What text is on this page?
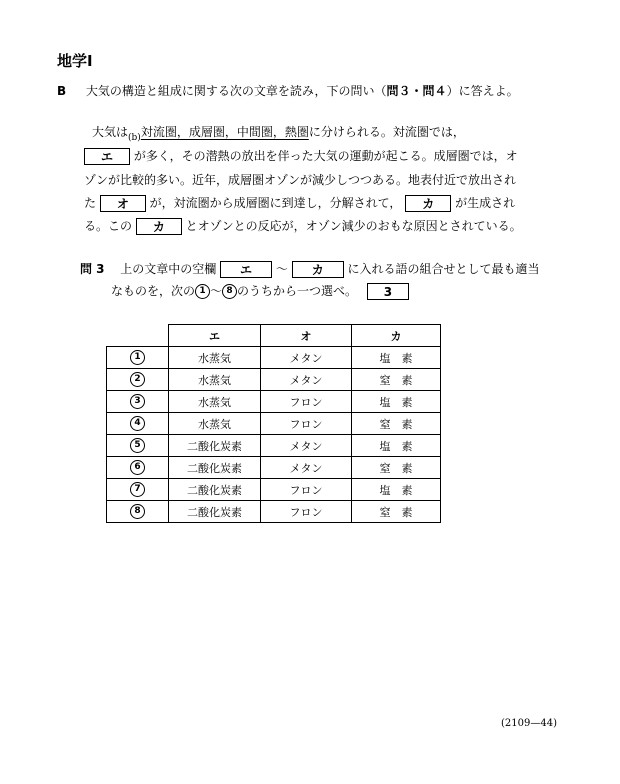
地学Ⅰ
B 大気の構造と組成に関する次の文章を読み，下の問い（問３・問４）に答えよ。
大気は$_{(b)}$対流圏，成層圏，中間圏，熱圏に分けられる。対流圏では，
エ が多く，その潜熱の放出を伴った大気の運動が起こる。成層圏では，オ
ゾンが比較的多い。近年，成層圏オゾンが減少しつつある。地表付近で放出され
た オ が，対流圏から成層圏に到達し，分解されて， カ が生成され
る。この カ とオゾンとの反応が，オゾン減少のおもな原因とされている。
問 3 上の文章中の空欄 エ 〜 カ に入れる語の組合せとして最も適当
なものを，次の 1 〜 8 のうちから一つ選べ。 3
	エ	オ	カ
1	水蒸気	メタン	塩　素
2	水蒸気	メタン	窒　素
3	水蒸気	フロン	塩　素
4	水蒸気	フロン	窒　素
5	二酸化炭素	メタン	塩　素
6	二酸化炭素	メタン	窒　素
7	二酸化炭素	フロン	塩　素
8	二酸化炭素	フロン	窒　素
(2109—44)
